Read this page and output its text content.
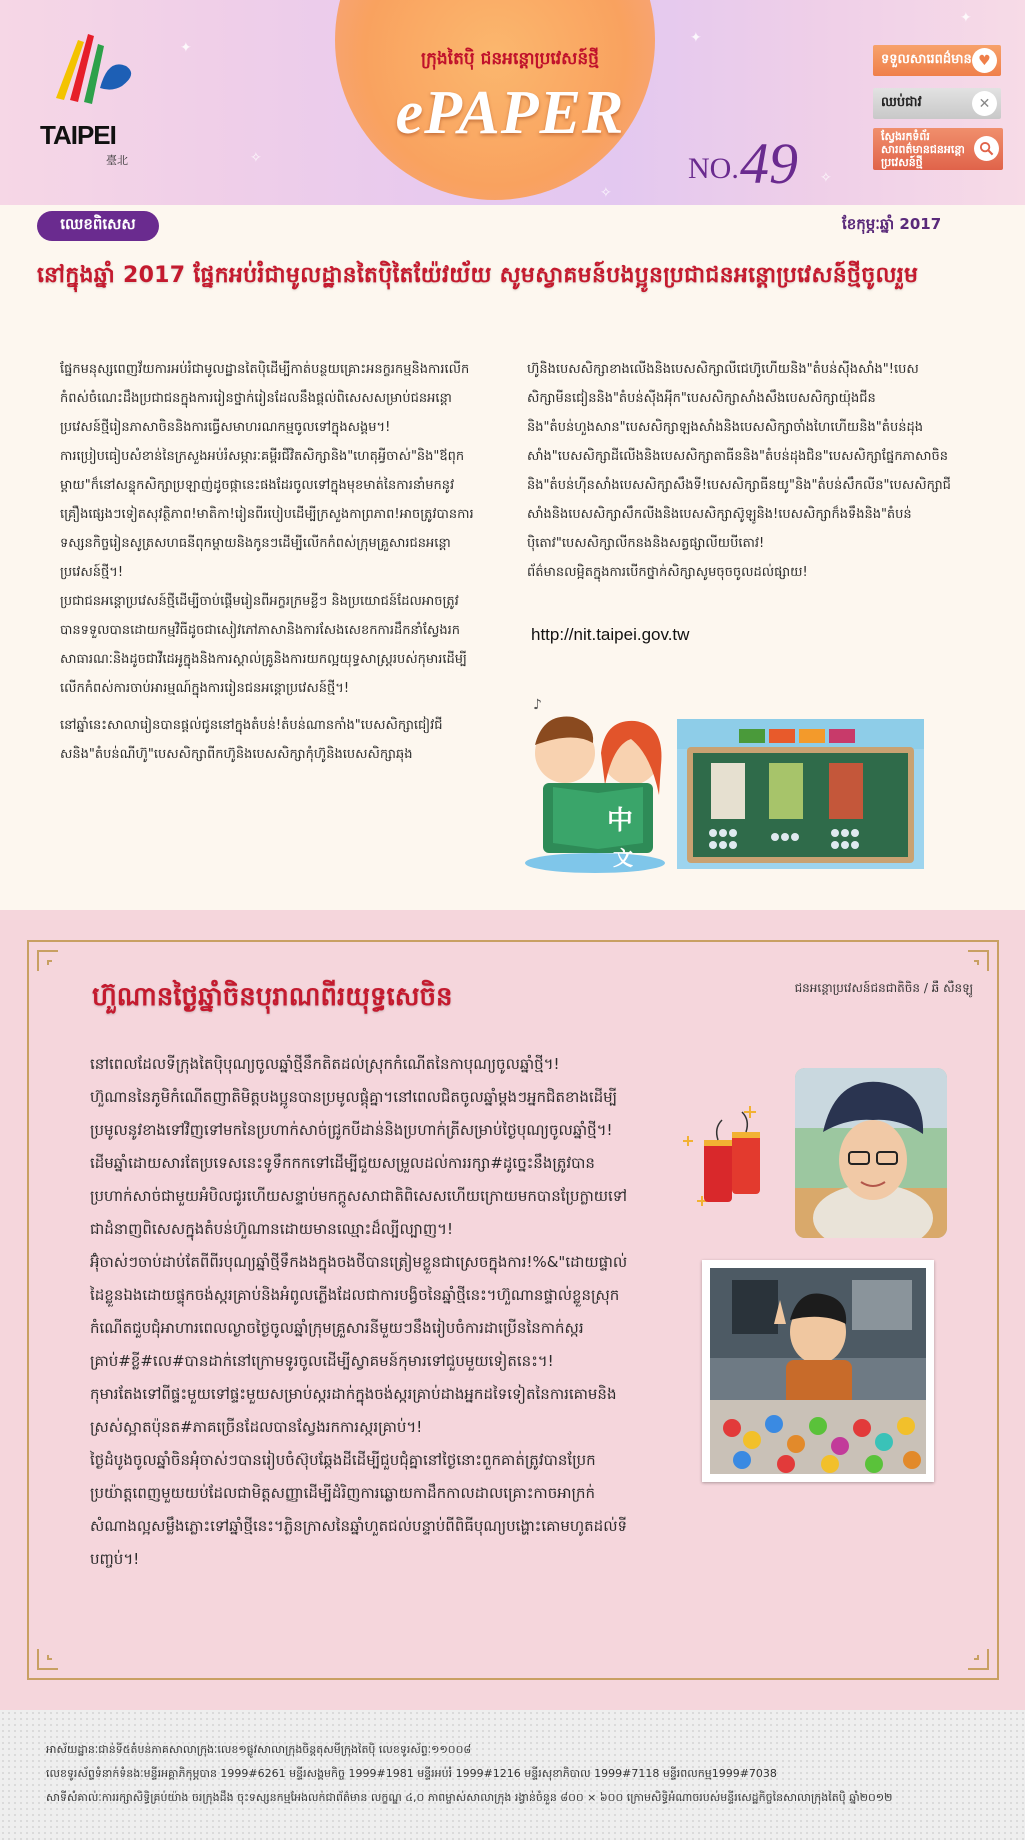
✦
✧
✦
✧
✦
✧
TAIPEI
臺北
ក្រុងតៃប៉ិ ជនអន្តោប្រវេសន៍ថ្មី
ePAPER
NO. 49
ទទួលសារេពដ៌មាន ♥
ឈប់ជាវ	✕
ស្វែងរកទំព័រ សារពត៌មានជនអន្តោប្រវេសន៍ថ្មី
ឈេខពិសេស	ខែកុម្ភៈឆ្នាំ 2017
នៅក្នុងឆ្នាំ 2017 ផ្នែកអប់រំជាមូលដ្ឋានតៃប៉ិតៃយ៉ែវយ័យ សូមស្វាគមន៍បងប្អូនប្រជាជនអន្តោប្រវេសន៍ថ្មីចូលរួម

ផ្នែកមនុស្សពេញវ័យការអប់រំជាមូលដ្ឋានតៃប៉ិដើម្បីកាត់បន្ថយគ្រោះអនក្ខរកម្មនិងការលើកកំពស់ចំណេះដឹងប្រជាជនក្នុងការរៀនថ្នាក់រៀនដែលនឹងផ្ដល់ពិសេសសម្រាប់ជនអន្តោប្រវេសន៍ថ្មីរៀនភាសាចិននិងការធ្វើសមាហរណកម្មចូលទៅក្នុងសង្គម។!

ការប្រៀបធៀបសំខាន់នៃក្រសួងអប់រំសម្ភារៈគម្ពីរជីវិតសិក្សានិង"ហេតុអ្វីចាស់"និង"ឪពុកម្ដាយ"ក៏នៅសន្ទុកសិក្សាប្រឡាញ់ដូចផ្កានេះផងដែរចូលទៅក្នុងមុខមាត់នៃការនាំមកនូវគ្រឿងផ្សេងៗទៀតសុវត្ថិភាព!មាតិកា!រៀនពីរបៀបដើម្បីក្រសួងកាព្រភាព!អាចត្រូវបានការទស្សនកិច្ចរៀនសូត្រសហធនីពុកម្ដាយនិងកូនៗដើម្បីលើកកំពស់ក្រុមគ្រួសារជនអន្តោប្រវេសន៍ថ្មី។!

ប្រជាជនអន្តោប្រវេសន៍ថ្មីដើម្បីចាប់ផ្ដើមរៀនពីអក្ខរក្រមខ្លីៗ និងប្រយោជន៍ដែលអាចត្រូវបានទទួលបានដោយកម្មវិធីដូចជាសៀវភៅភាសានិងការសែងសេខកការដឹកនាំស្វែងរកសាធារណៈនិងដូចជាវីដេអូក្នុងនិងការស្គាល់គ្រូនិងការយកល្អយុទ្ធសាស្ត្ររបស់កុមារដើម្បីលើកកំពស់ការចាប់អារម្មណ៍ក្នុងការរៀនជនអន្តោប្រវេសន៍ថ្មី។!

នៅឆ្នាំនេះសាលារៀនបានផ្ដល់ជូននៅក្នុងតំបន់!តំបន់ណានកាំង"បេសសិក្សាជៀវជីសនិង"តំបន់ណីហ៊ូ"បេសសិក្សាពីកហ៊ូនិងបេសសិក្សាកុំហ៊ូនិងបេសសិក្សាឆុង

ហ៊ូនិងបេសសិក្សាខាងលើងនិងបេសសិក្សាលីជេហ៊ូហើយនិង"តំបន់ស៊ីងសាំង"!បេសសិក្សាមីនជៀននិង"តំបន់ស៊ីងអុីក"បេសសិក្សាសាំងសឹងបេសសិក្សាយ៉ុងជីននិង"តំបន់ហួងសាន"បេសសិក្សាឡងសាំងនិងបេសសិក្សាចាំងហៃហើយនិង"តំបន់ដុងសាំង"បេសសិក្សាដីលើងនិងបេសសិក្សាតាធីននិង"តំបន់ដុងជិន"បេសសិក្សាផ្នែកភាសាចិននិង"តំបន់ហ៊ីនសាំងបេសសិក្សាសឹងទី!បេសសិក្សាធីនយូ"និង"តំបន់សឹកលីន"បេសសិក្សាជីសាំងនិងបេសសិក្សាសឹកលីងនិងបេសសិក្សាស៊ូឡូនិង!បេសសិក្សាក៏ងទឹងនិង"តំបន់ប៉ិតោវ"បេសសិក្សាលីកនងនិងសត្វផ្សាលីយបីតោវ!

ព័ត៌មានលម្អិតក្នុងការបើកថ្នាក់សិក្សាសូមចុចចូលដល់ផ្សាយ!

http://nit.taipei.gov.tw
中
文
♪
ហ៊ួណានថ្ងៃឆ្នាំចិនបុរាណពីរយុទ្ធសេចិន	ជនអន្តោប្រវេសន៍ជនជាតិចិន / ឆឺ សឺនឡូ

នៅពេលដែលទីក្រុងតៃប៉ិបុណ្យចូលឆ្នាំថ្មីនឹកតិតដល់ស្រុកកំណើតនៃកាបុណ្យចូលឆ្នាំថ្មី។!

ហ៊ួណាននៃភូមិកំណើតញាតិមិត្តបងប្អូនបានប្រមូលផ្តុំគ្នា។នៅពេលជិតចូលឆ្នាំម្ដងៗអ្នកជិតខាងដើម្បីប្រមូលនូវខាងទៅវិញទៅមកនៃប្រហាក់សាច់ជ្រូកបីដាន់និងប្រហាក់ត្រីសម្រាប់ថ្ងៃបុណ្យចូលឆ្នាំថ្មី។!

ដើមឆ្នាំដោយសារតែប្រទេសនេះទូទឹកកកទៅដើម្បីជួយសម្រួលដល់ការរក្សា#ដូច្នេះនឹងត្រូវបានប្រហាក់សាច់ជាមួយអំបិលជូរហើយសន្ទាប់មកក្ដូសសាជាតិពិសេសហើយក្រោយមកបានប្រែក្លាយទៅជាដំនាញពិសេសក្នុងតំបន់ហ៊ួណានដោយមានឈ្មោះដ៏ល្បីល្បាញ។!

អ៊ុំចាស់ៗចាប់ដាប់តែពីពីរបុណ្យឆ្នាំថ្មីទឹកងងក្នុងចងថីបានត្រៀមខ្លួនជាស្រេចក្នុងការ!%&"ដោយផ្ទាល់ដៃខ្លួនឯងដោយផ្ទុកចង់ស្ករគ្រាប់និងអំពូលភ្លើងដែលជាការបង្វិចនៃឆ្នាំថ្មីនេះ។ហ៊ួណានផ្ទាល់ខ្លួនស្រុកកំណើតជួបជុំអាហារពេលល្ងាចថ្ងៃចូលឆ្នាំក្រុមគ្រួសារនីមួយៗនឹងរៀបចំការដាប្រើននៃកាក់ស្ករគ្រាប់#ខ្លី#លេ#បានដាក់នៅក្រោមទូរចូលដើម្បីស្វាគមន៍កុមារទៅជួបមួយទៀតនេះ។!

កុមារតែងទៅពីផ្ទះមួយទៅផ្ទះមួយសម្រាប់ស្ករដាក់ក្នុងចង់ស្ករគ្រាប់ដាងអ្នកដទៃទៀតនៃការគោមនិងស្រស់ស្អាតប៉ុនត#ភាគច្រើនដែលបានស្វែងរកការស្ករគ្រាប់។!

ថ្ងៃដំបូងចូលឆ្នាំចិនអុំចាស់ៗបានរៀបចំស៊ុបឆ្កែងដីដើម្បីជួបជុំគ្នានៅថ្ងៃនោះពួកគាត់ត្រូវបានប្រែកប្រយ៉ាត្តពេញមួយយប់ដែលជាមិត្តសញ្ញាដើម្បីដំរិញការឆ្លោយកាដឹកកាលដាលគ្រោះកាចអាក្រក់សំណាងល្អសម្លឹងភ្លោះទៅឆ្នាំថ្មីនេះ។ភ្លិនក្រាសនៃឆ្នាំហួតជល់បន្ទាប់ពីពិធីបុណ្យបង្ហោះគោមហូតដល់ទីបញ្ចប់។!

អាស័យដ្ឋានៈជាន់ទី៥តំបន់ភាគសាលាក្រុងៈលេខ១ផ្លូវសាលាក្រុងចិន្តតុសមីក្រុងតៃប៉ិ លេខទូរស័ព្ទៈ១១០០៨
លេខទូរស័ព្ទទំនាក់ទំនងៈមន្ទីរអគ្គាភិកុម្ភបាន 1999#6261 មន្ទីរសង្គមកិច្ច 1999#1981 មន្ទីរអប់រំ 1999#1216 មន្ទីរសុខាភិបាល 1999#7118 មន្ទីរពលកម្ម1999#7038
សាទីសំគាល់ៈការ​រក្សាសិទ្ធិគ្រប់យ៉ាង​ ចរ​ក្រុង​ដឹង ចុះទស្សនកម្មអែងលក់ជាព័ត៌មាន លក្ខណ្ឌ ៤,០ ភាពម្ចាស់សាលាក្រុង រង្វាន់ចំនួន ៨០០ × ៦០០ ក្រោមសិទ្ធិអំណាចរបស់មន្ទីរសេដ្ឋកិច្ចនៃសាលាក្រុងតៃប៉ិ ឆ្នាំ២០១២
